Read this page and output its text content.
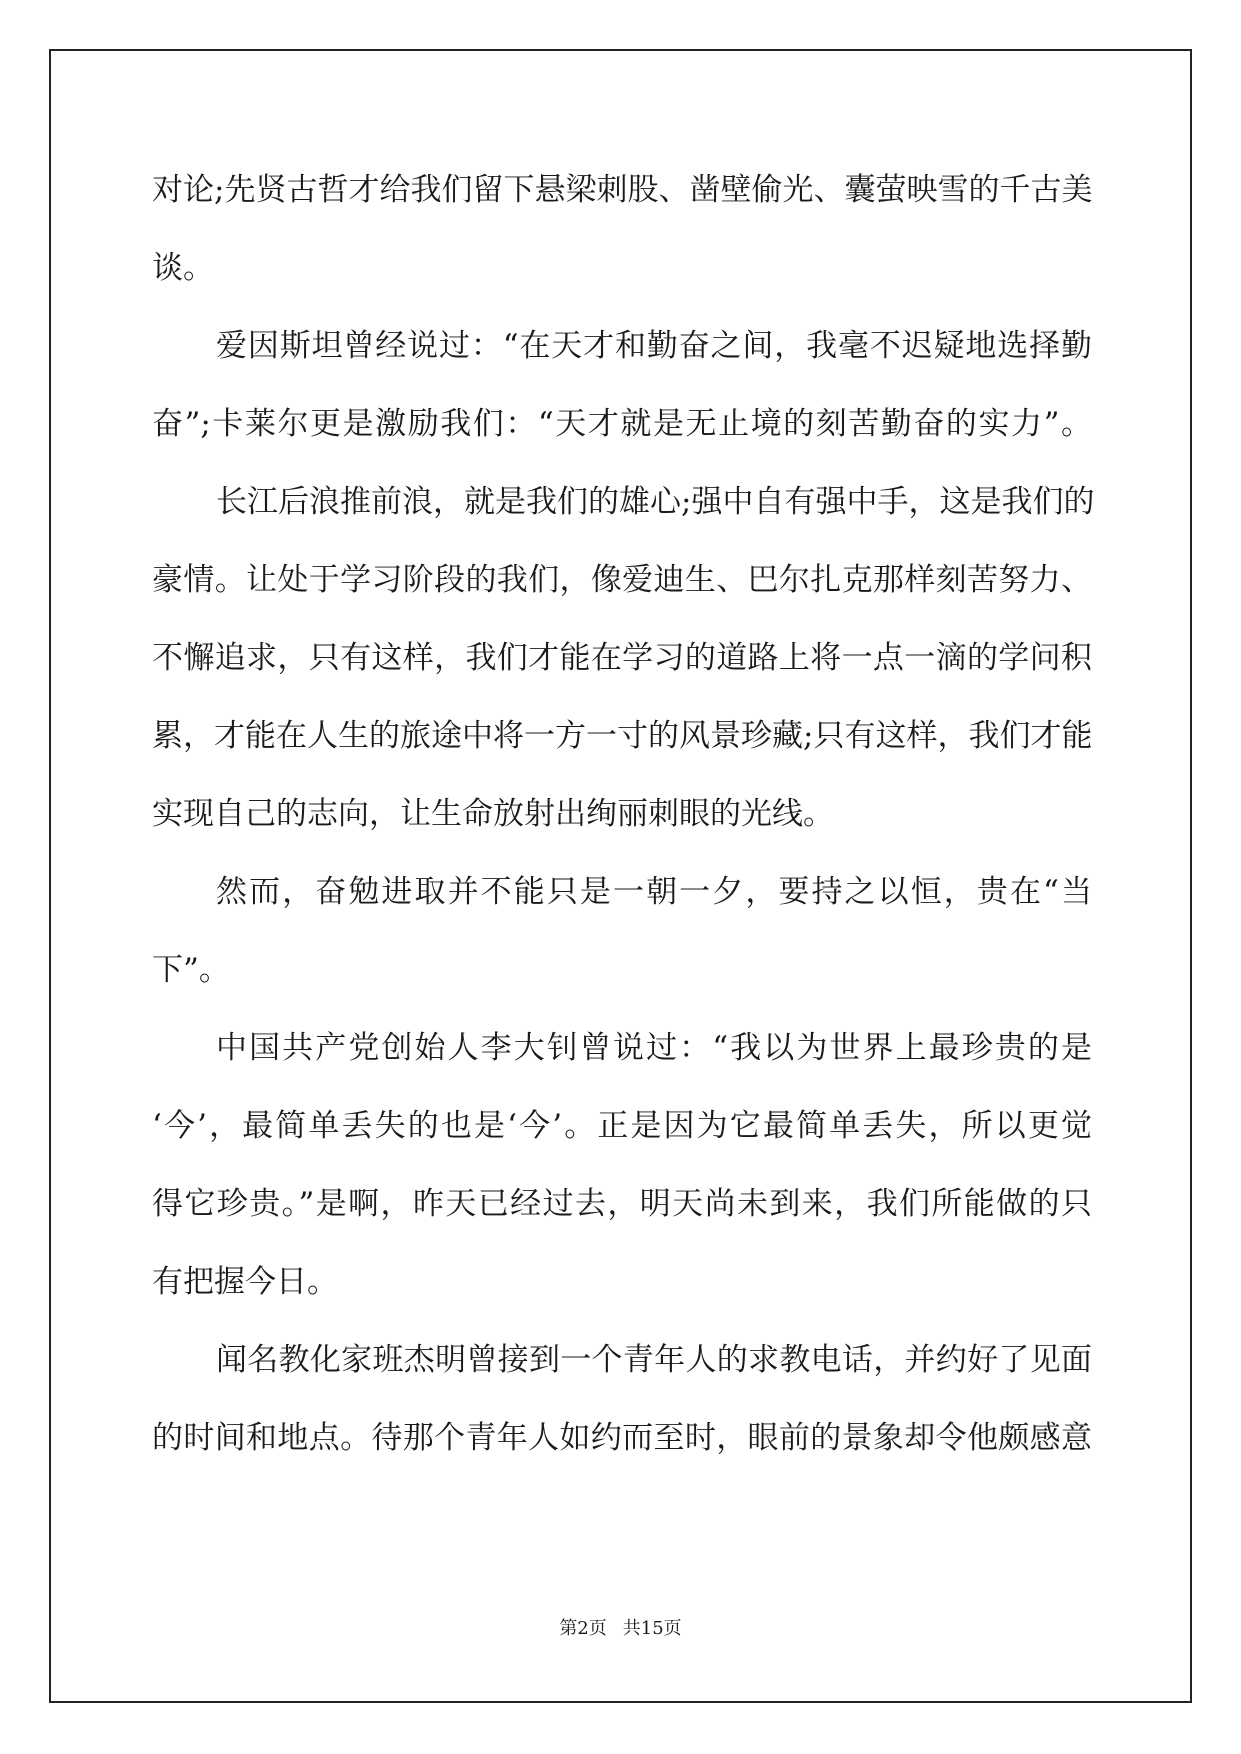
对论;先贤古哲才给我们留下悬梁刺股、凿壁偷光、囊萤映雪的千古美
谈。
爱因斯坦曾经说过：“在天才和勤奋之间，我毫不迟疑地选择勤
奋”;卡莱尔更是激励我们：“天才就是无止境的刻苦勤奋的实力”。
长江后浪推前浪，就是我们的雄心;强中自有强中手，这是我们的
豪情。让处于学习阶段的我们，像爱迪生、巴尔扎克那样刻苦努力、
不懈追求，只有这样，我们才能在学习的道路上将一点一滴的学问积
累，才能在人生的旅途中将一方一寸的风景珍藏;只有这样，我们才能
实现自己的志向，让生命放射出绚丽刺眼的光线。
然而，奋勉进取并不能只是一朝一夕，要持之以恒，贵在“当
下”。
中国共产党创始人李大钊曾说过：“我以为世界上最珍贵的是
‘今’，最简单丢失的也是‘今’。正是因为它最简单丢失，所以更觉
得它珍贵。”是啊，昨天已经过去，明天尚未到来，我们所能做的只
有把握今日。
闻名教化家班杰明曾接到一个青年人的求教电话，并约好了见面
的时间和地点。待那个青年人如约而至时，眼前的景象却令他颇感意
第2页 共15页
